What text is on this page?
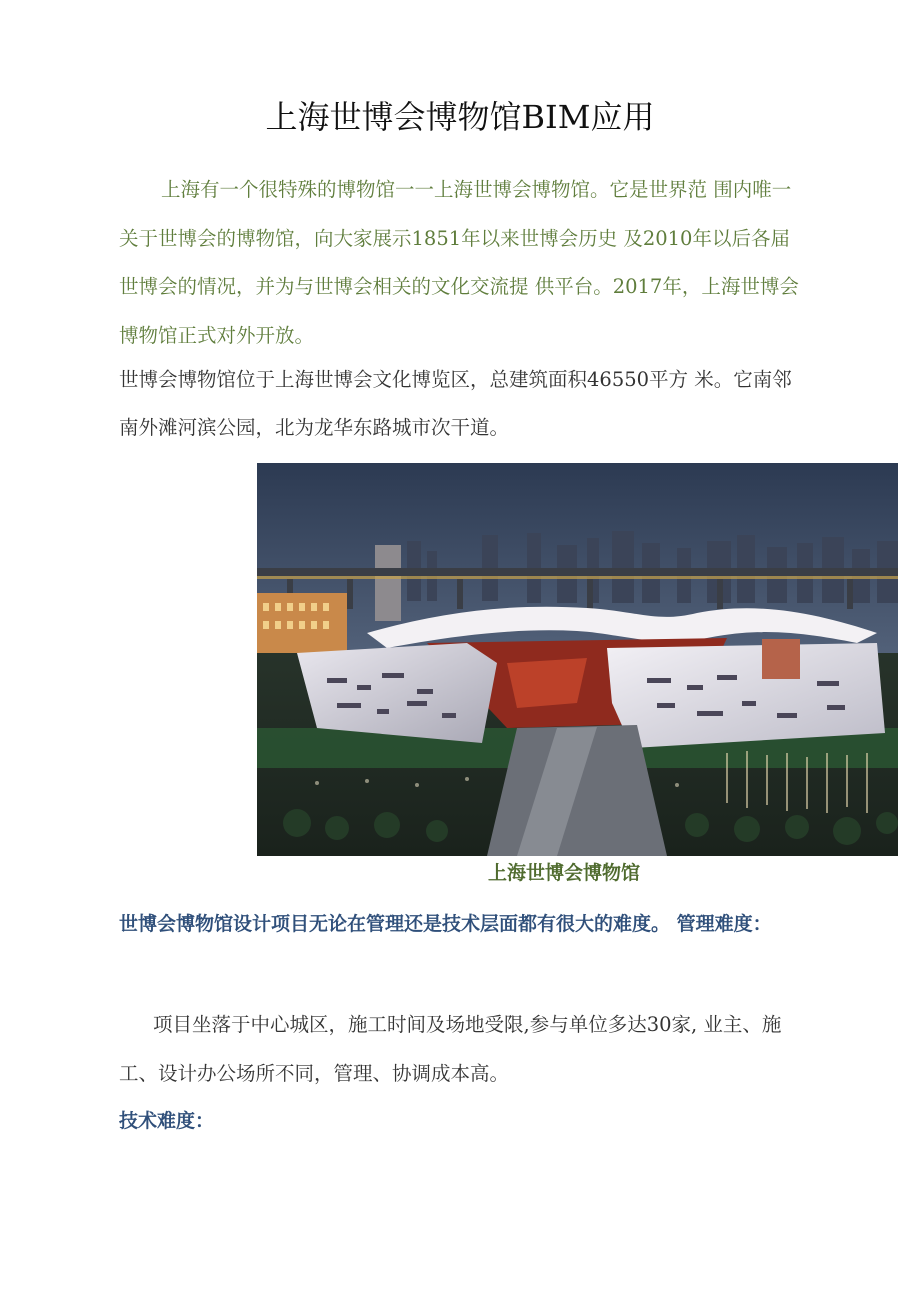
上海世博会博物馆BIM应用

上海有一个很特殊的博物馆一一上海世博会博物馆。它是世界范 围内唯一关于世博会的博物馆，向大家展示1851年以来世博会历史 及2010年以后各届世博会的情况，并为与世博会相关的文化交流提 供平台。2017年，上海世博会博物馆正式对外开放。

世博会博物馆位于上海世博会文化博览区，总建筑面积46550平方 米。它南邻南外滩河滨公园，北为龙华东路城市次干道。

上海世博会博物馆

世博会博物馆设计项目无论在管理还是技术层面都有很大的难度。 管理难度：

项目坐落于中心城区，施工时间及场地受限,参与单位多达30家, 业主、施工、设计办公场所不同，管理、协调成本高。

技术难度：
